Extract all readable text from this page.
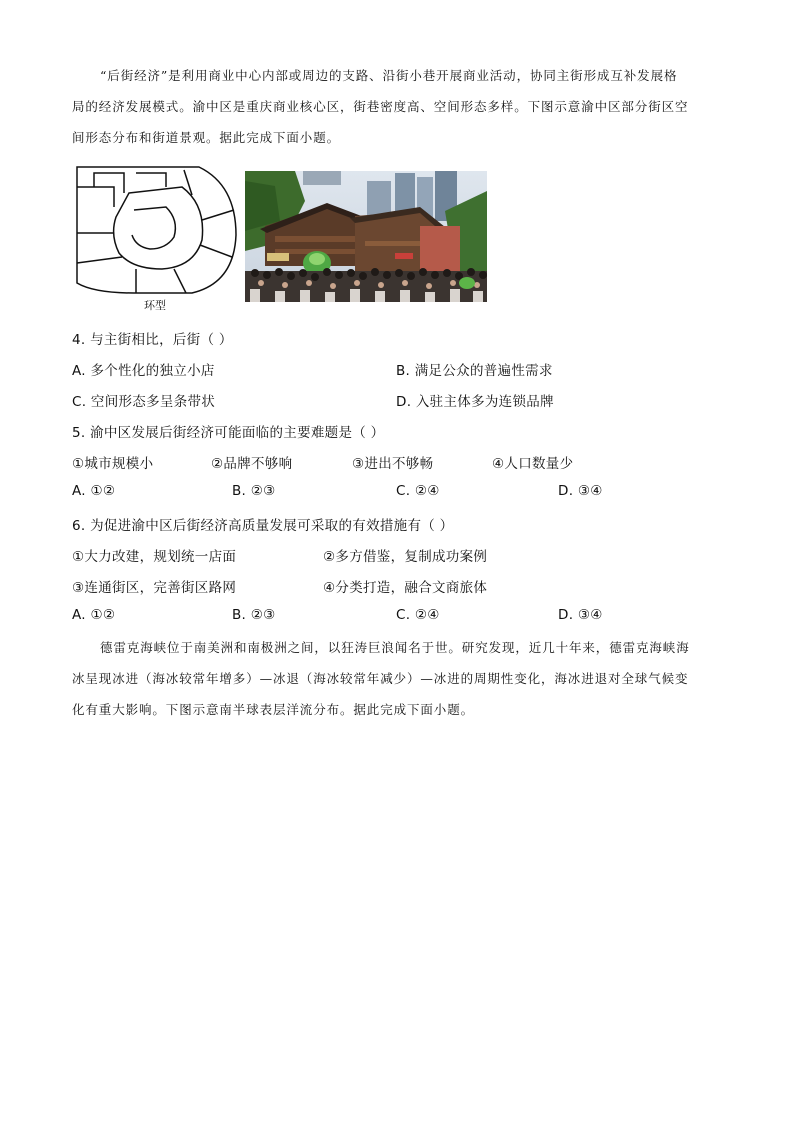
“后街经济”是利用商业中心内部或周边的支路、沿街小巷开展商业活动，协同主街形成互补发展格
局的经济发展模式。渝中区是重庆商业核心区，街巷密度高、空间形态多样。下图示意渝中区部分街区空
间形态分布和街道景观。据此完成下面小题。
环型
4. 与主街相比，后街（ ）
A. 多个性化的独立小店	B. 满足公众的普遍性需求
C. 空间形态多呈条带状	D. 入驻主体多为连锁品牌
5. 渝中区发展后街经济可能面临的主要难题是（ ）
①城市规模小	②品牌不够响	③进出不够畅	④人口数量少
A. ①②	B. ②③	C. ②④	D. ③④
6. 为促进渝中区后街经济高质量发展可采取的有效措施有（ ）
①大力改建，规划统一店面	②多方借鉴，复制成功案例
③连通街区，完善街区路网	④分类打造，融合文商旅体
A. ①②	B. ②③	C. ②④	D. ③④
德雷克海峡位于南美洲和南极洲之间，以狂涛巨浪闻名于世。研究发现，近几十年来，德雷克海峡海
冰呈现冰进（海冰较常年增多）—冰退（海冰较常年减少）—冰进的周期性变化，海冰进退对全球气候变
化有重大影响。下图示意南半球表层洋流分布。据此完成下面小题。
